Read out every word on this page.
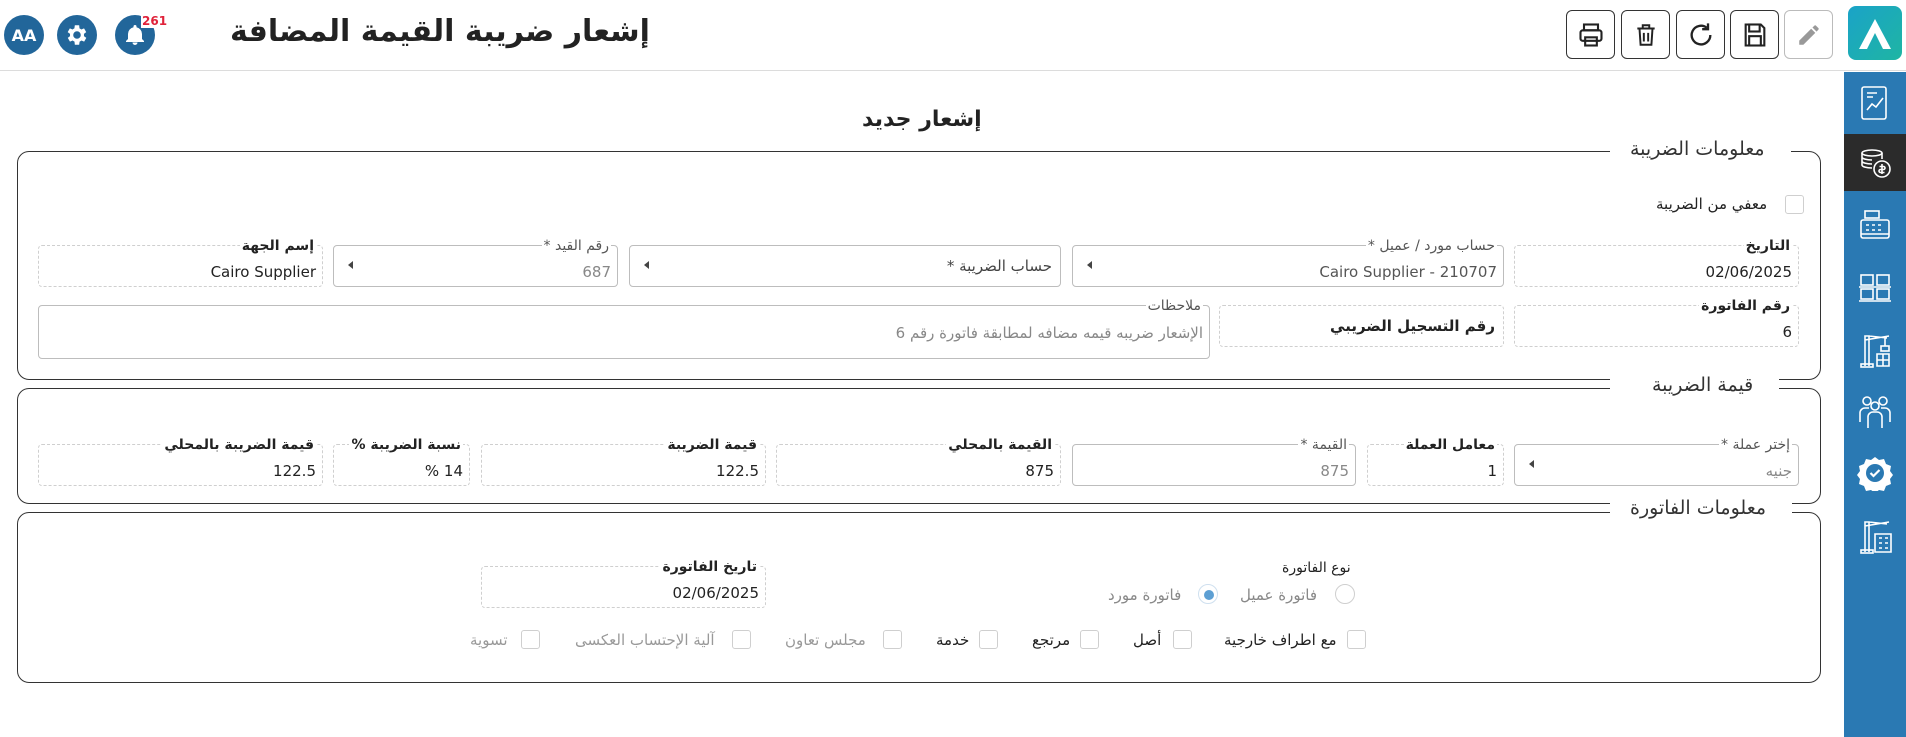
AA
261 إشعار ضريبة القيمة المضافة
إشعار جديد
معلومات الضريبة
معفي من الضريبة
التاريخ
02/06/2025
حساب مورد / عميل *
Cairo Supplier - 210707
حساب الضريبة *
رقم القيد *
687
إسم الجهة
Cairo Supplier
رقم الفاتورة
6
رقم التسجيل الضريبي
ملاحظات
الإشعار ضريبه قيمه مضافه لمطابقة فاتورة رقم 6
قيمة الضريبة
إختر عملة *
جنيه
معامل العملة
1
القيمة *
875
القيمة بالمحلي
875
قيمة الضريبة
122.5
نسبة الضريبة %
14 %
قيمة الضريبة بالمحلي
122.5
معلومات الفاتورة
نوع الفاتورة
فاتورة عميل
فاتورة مورد
تاريخ الفاتورة
02/06/2025
مع اطراف خارجية
أصل
مرتجع
خدمة
مجلس تعاون
آلية الإحتساب العكسى
تسوية
